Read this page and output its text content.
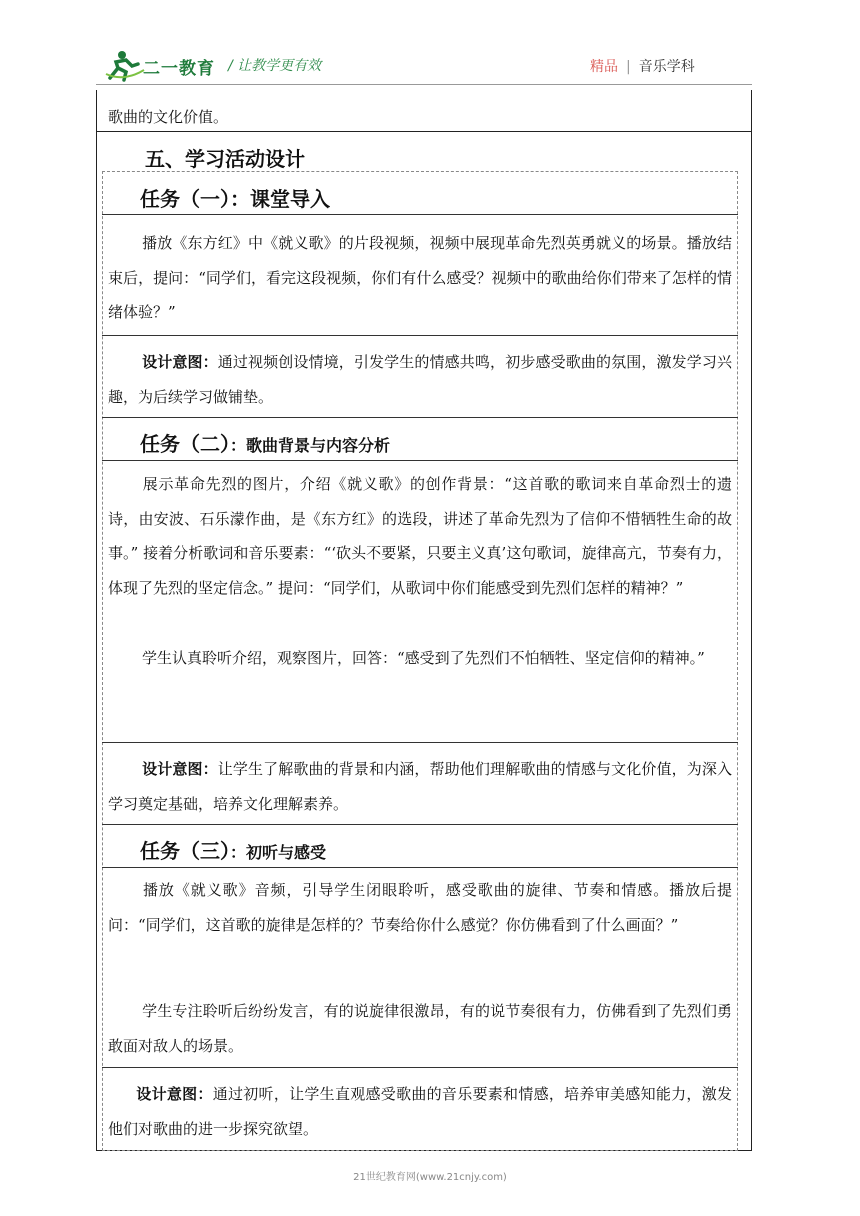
二一教育 / 让教学更有效	精品 | 音乐学科
歌曲的文化价值。
五、学习活动设计
任务（一）：课堂导入
播放《东方红》中《就义歌》的片段视频，视频中展现革命先烈英勇就义的场景。播放结束后，提问：“同学们，看完这段视频，你们有什么感受？视频中的歌曲给你们带来了怎样的情绪体验？”
设计意图：通过视频创设情境，引发学生的情感共鸣，初步感受歌曲的氛围，激发学习兴趣，为后续学习做铺垫。
任务（二）：歌曲背景与内容分析
展示革命先烈的图片，介绍《就义歌》的创作背景：“这首歌的歌词来自革命烈士的遗诗，由安波、石乐濛作曲，是《东方红》的选段，讲述了革命先烈为了信仰不惜牺牲生命的故事。” 接着分析歌词和音乐要素：“‘砍头不要紧，只要主义真’这句歌词，旋律高亢，节奏有力，体现了先烈的坚定信念。” 提问：“同学们，从歌词中你们能感受到先烈们怎样的精神？”
学生认真聆听介绍，观察图片，回答：“感受到了先烈们不怕牺牲、坚定信仰的精神。”
设计意图：让学生了解歌曲的背景和内涵，帮助他们理解歌曲的情感与文化价值，为深入学习奠定基础，培养文化理解素养。
任务（三）：初听与感受
播放《就义歌》音频，引导学生闭眼聆听，感受歌曲的旋律、节奏和情感。播放后提问：“同学们，这首歌的旋律是怎样的？节奏给你什么感觉？你仿佛看到了什么画面？”
学生专注聆听后纷纷发言，有的说旋律很激昂，有的说节奏很有力，仿佛看到了先烈们勇敢面对敌人的场景。
设计意图：通过初听，让学生直观感受歌曲的音乐要素和情感，培养审美感知能力，激发他们对歌曲的进一步探究欲望。
21世纪教育网(www.21cnjy.com)
